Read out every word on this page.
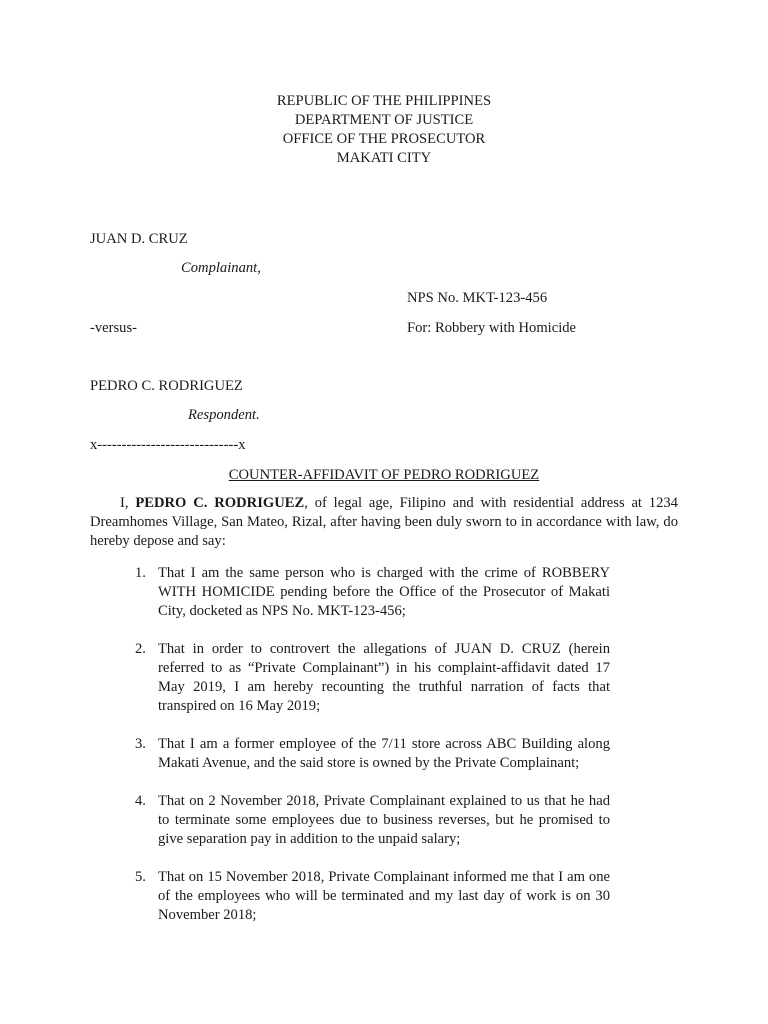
REPUBLIC OF THE PHILIPPINES
DEPARTMENT OF JUSTICE
OFFICE OF THE PROSECUTOR
MAKATI CITY
JUAN D. CRUZ
Complainant,
NPS No. MKT-123-456
-versus-	For: Robbery with Homicide
PEDRO C. RODRIGUEZ
Respondent.
x-----------------------------x
COUNTER-AFFIDAVIT OF PEDRO RODRIGUEZ
I, PEDRO C. RODRIGUEZ, of legal age, Filipino and with residential address at 1234 Dreamhomes Village, San Mateo, Rizal, after having been duly sworn to in accordance with law, do hereby depose and say:
1. That I am the same person who is charged with the crime of ROBBERY WITH HOMICIDE pending before the Office of the Prosecutor of Makati City, docketed as NPS No. MKT-123-456;
2. That in order to controvert the allegations of JUAN D. CRUZ (herein referred to as “Private Complainant”) in his complaint-affidavit dated 17 May 2019, I am hereby recounting the truthful narration of facts that transpired on 16 May 2019;
3. That I am a former employee of the 7/11 store across ABC Building along Makati Avenue, and the said store is owned by the Private Complainant;
4. That on 2 November 2018, Private Complainant explained to us that he had to terminate some employees due to business reverses, but he promised to give separation pay in addition to the unpaid salary;
5. That on 15 November 2018, Private Complainant informed me that I am one of the employees who will be terminated and my last day of work is on 30 November 2018;
